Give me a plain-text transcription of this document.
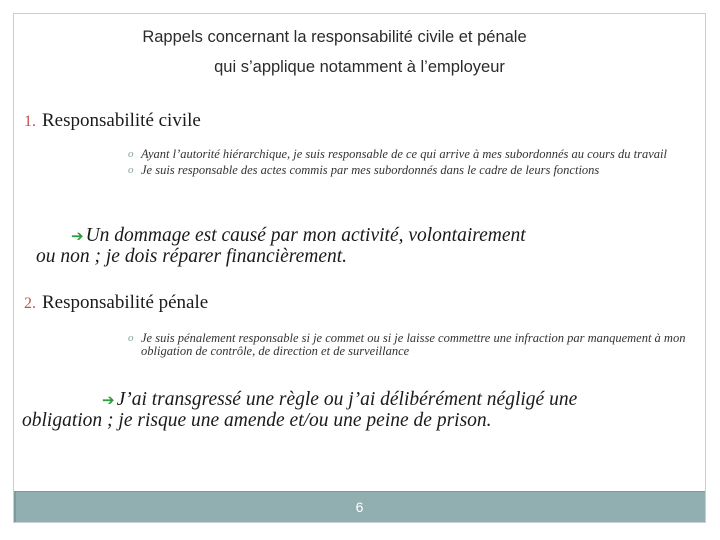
Rappels concernant la responsabilité civile et pénale
qui s’applique notamment à l’employeur
1. Responsabilité civile
o Ayant l’autorité hiérarchique, je suis responsable de ce qui arrive à mes subordonnés au cours du travail
o Je suis responsable des actes commis par mes subordonnés dans le cadre de leurs fonctions
➔ Un dommage est causé par mon activité, volontairement
ou non ; je dois réparer financièrement.
2. Responsabilité pénale
o Je suis pénalement responsable si je commet ou si je laisse commettre une infraction par manquement à mon obligation de contrôle, de direction et de surveillance
➔ J’ai transgressé une règle ou j’ai délibérément négligé une
obligation ; je risque une amende et/ou une peine de prison.
6
